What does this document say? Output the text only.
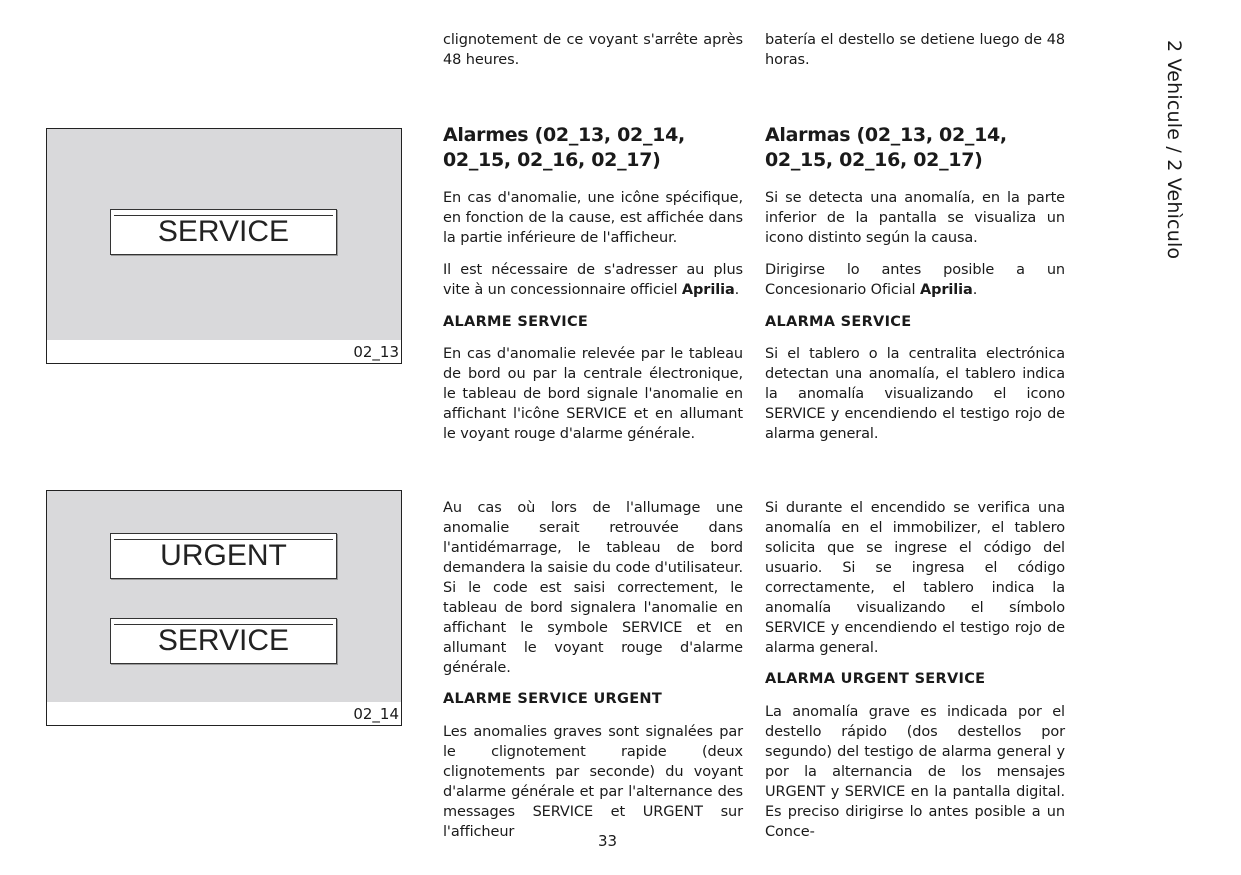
2 Vehicule / 2 Vehìculo
SERVICE
02_13
URGENT
SERVICE
02_14

clignotement de ce voyant s'arrête après 48 heures.

Alarmes (02_13, 02_14, 02_15, 02_16, 02_17)

En cas d'anomalie, une icône spécifique, en fonction de la cause, est affichée dans la partie inférieure de l'afficheur.

Il est nécessaire de s'adresser au plus vite à un concessionnaire officiel Aprilia.

ALARME SERVICE

En cas d'anomalie relevée par le tableau de bord ou par la centrale électronique, le tableau de bord signale l'anomalie en affichant l'icône SERVICE et en allumant le voyant rouge d'alarme générale.

Au cas où lors de l'allumage une anomalie serait retrouvée dans l'antidémarrage, le tableau de bord demandera la saisie du code d'utilisateur. Si le code est saisi correctement, le tableau de bord signalera l'anomalie en affichant le symbole SERVICE et en allumant le voyant rouge d'alarme générale.

ALARME SERVICE URGENT

Les anomalies graves sont signalées par le clignotement rapide (deux clignotements par seconde) du voyant d'alarme générale et par l'alternance des messages SERVICE et URGENT sur l'afficheur

batería el destello se detiene luego de 48 horas.

Alarmas (02_13, 02_14, 02_15, 02_16, 02_17)

Si se detecta una anomalía, en la parte inferior de la pantalla se visualiza un icono distinto según la causa.

Dirigirse lo antes posible a un Concesionario Oficial Aprilia.

ALARMA SERVICE

Si el tablero o la centralita electrónica detectan una anomalía, el tablero indica la anomalía visualizando el icono SERVICE y encendiendo el testigo rojo de alarma general.

Si durante el encendido se verifica una anomalía en el immobilizer, el tablero solicita que se ingrese el código del usuario. Si se ingresa el código correctamente, el tablero indica la anomalía visualizando el símbolo SERVICE y encendiendo el testigo rojo de alarma general.

ALARMA URGENT SERVICE

La anomalía grave es indicada por el destello rápido (dos destellos por segundo) del testigo de alarma general y por la alternancia de los mensajes URGENT y SERVICE en la pantalla digital. Es preciso dirigirse lo antes posible a un Conce-

33
